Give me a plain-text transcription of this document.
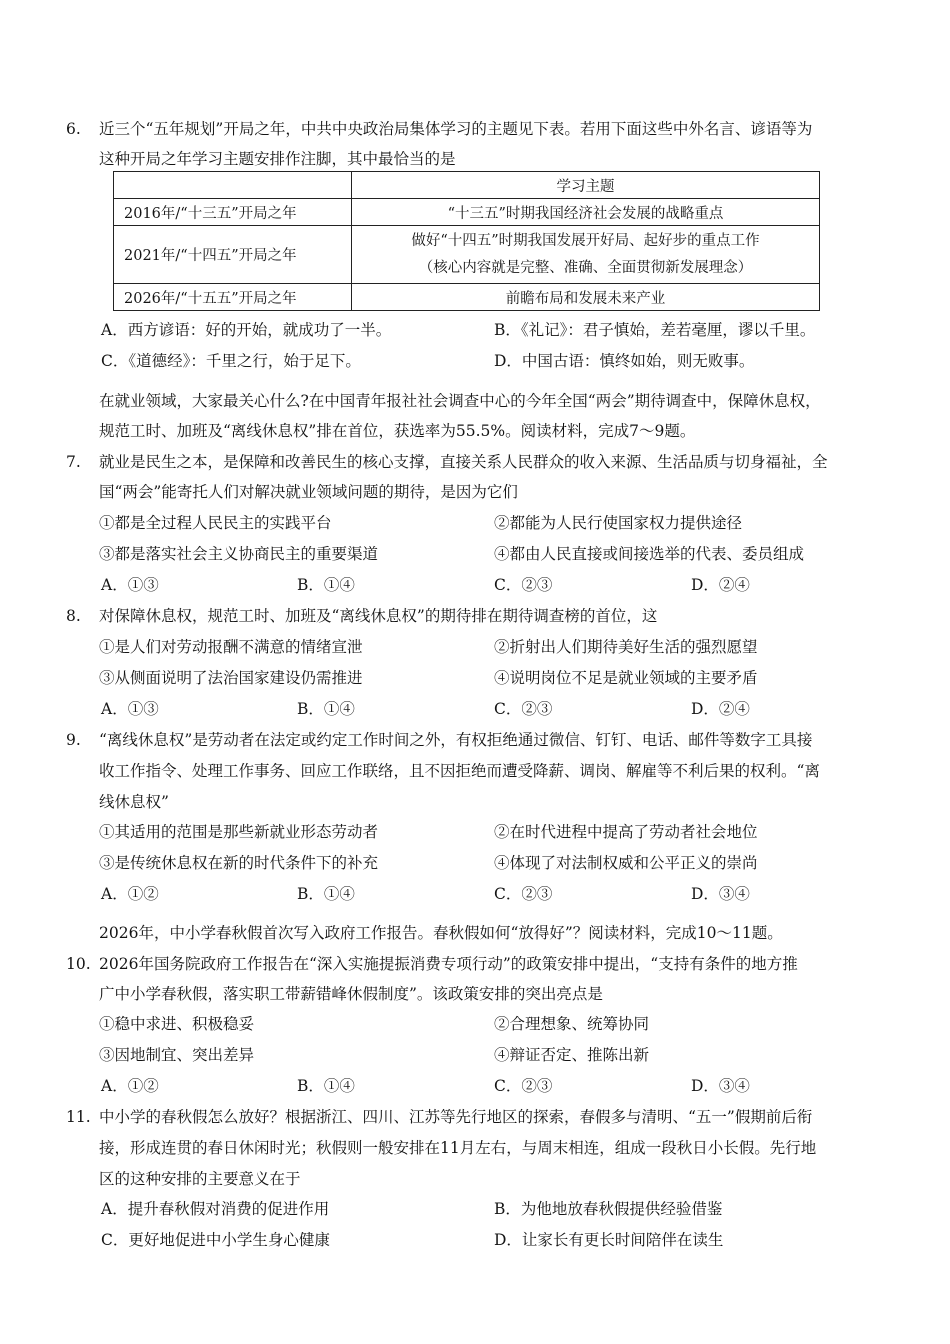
6. 近三个“五年规划”开局之年，中共中央政治局集体学习的主题见下表。若用下面这些中外名言、谚语等为
这种开局之年学习主题安排作注脚，其中最恰当的是
	学习主题
2016年/“十三五”开局之年	“十三五”时期我国经济社会发展的战略重点
2021年/“十四五”开局之年	做好“十四五”时期我国发展开好局、起好步的重点工作
（核心内容就是完整、准确、全面贯彻新发展理念）

2026年/“十五五”开局之年	前瞻布局和发展未来产业
A．西方谚语：好的开始，就成功了一半。	B．《礼记》：君子慎始，差若毫厘，谬以千里。
C．《道德经》：千里之行，始于足下。	D．中国古语：慎终如始，则无败事。
在就业领域，大家最关心什么?在中国青年报社社会调查中心的今年全国“两会”期待调查中，保障休息权，
规范工时、加班及“离线休息权”排在首位，获选率为55.5%。阅读材料，完成7～9题。
7. 就业是民生之本，是保障和改善民生的核心支撑，直接关系人民群众的收入来源、生活品质与切身福祉，全
国“两会”能寄托人们对解决就业领域问题的期待，是因为它们
①都是全过程人民民主的实践平台	②都能为人民行使国家权力提供途径
③都是落实社会主义协商民主的重要渠道	④都由人民直接或间接选举的代表、委员组成
A．①③	B．①④	C．②③	D．②④
8. 对保障休息权，规范工时、加班及“离线休息权”的期待排在期待调查榜的首位，这
①是人们对劳动报酬不满意的情绪宣泄	②折射出人们期待美好生活的强烈愿望
③从侧面说明了法治国家建设仍需推进	④说明岗位不足是就业领域的主要矛盾
A．①③	B．①④	C．②③	D．②④
9. “离线休息权”是劳动者在法定或约定工作时间之外，有权拒绝通过微信、钉钉、电话、邮件等数字工具接
收工作指令、处理工作事务、回应工作联络，且不因拒绝而遭受降薪、调岗、解雇等不利后果的权利。“离
线休息权”
①其适用的范围是那些新就业形态劳动者	②在时代进程中提高了劳动者社会地位
③是传统休息权在新的时代条件下的补充	④体现了对法制权威和公平正义的崇尚
A．①②	B．①④	C．②③	D．③④
2026年，中小学春秋假首次写入政府工作报告。春秋假如何“放得好”？阅读材料，完成10～11题。
10. 2026年国务院政府工作报告在“深入实施提振消费专项行动”的政策安排中提出，“支持有条件的地方推
广中小学春秋假，落实职工带薪错峰休假制度”。该政策安排的突出亮点是
①稳中求进、积极稳妥	②合理想象、统筹协同
③因地制宜、突出差异	④辩证否定、推陈出新
A．①②	B．①④	C．②③	D．③④
11. 中小学的春秋假怎么放好？根据浙江、四川、江苏等先行地区的探索，春假多与清明、“五一”假期前后衔
接，形成连贯的春日休闲时光；秋假则一般安排在11月左右，与周末相连，组成一段秋日小长假。先行地
区的这种安排的主要意义在于
A．提升春秋假对消费的促进作用	B．为他地放春秋假提供经验借鉴
C．更好地促进中小学生身心健康	D．让家长有更长时间陪伴在读生
